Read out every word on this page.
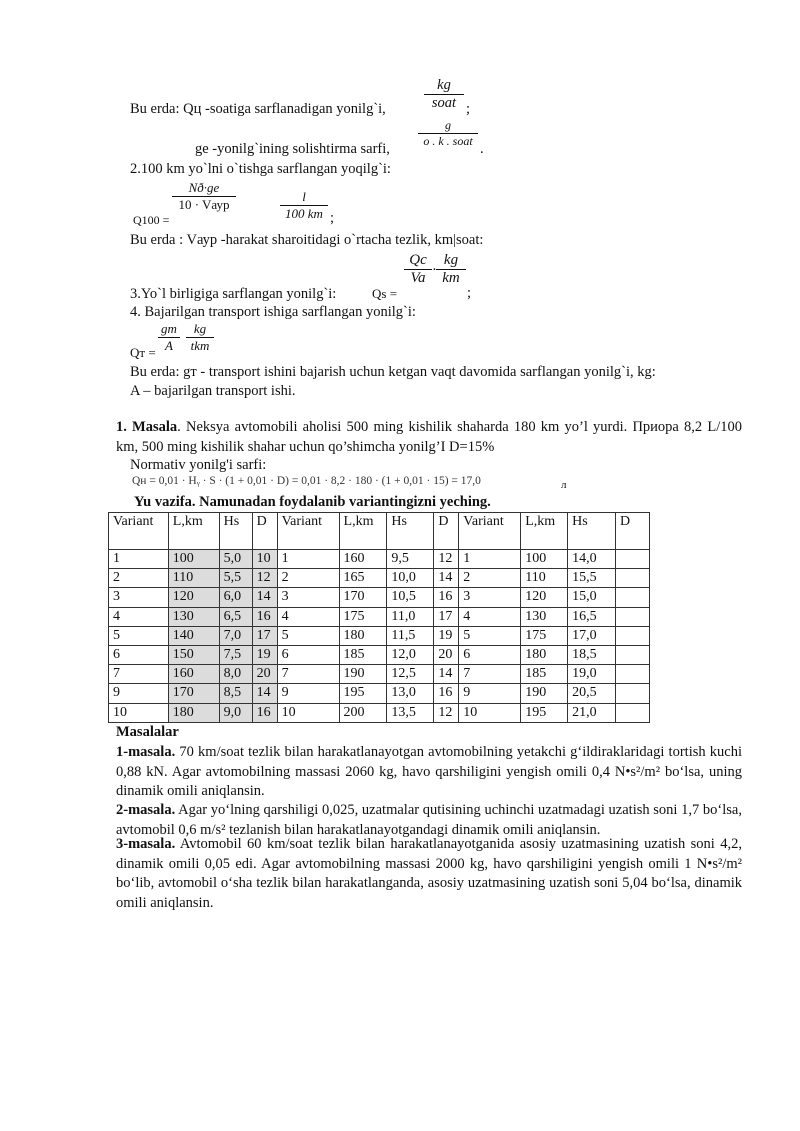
Bu erda: Qц -soatiga sarflanadigan yonilg`i,
kg
soat ;
gе -yonilg`ining solishtirma sarfi,
g
o . k . soat .
2.100 km yo`lni o`tishga sarflangan yoqilg`i:
Q100 =
Nð·gе
10 · Vаур	$\frac{l}{100 km}$ ;
Bu erda : Vаур -harakat sharoitidagi o`rtacha tezlik, km|soat:
3.Yo`l birligiga sarflangan yonilg`i:	Qs =
$\frac{Qc}{Va} \cdot \frac{kg}{km}$
;
4. Bajarilgan transport ishiga sarflangan yonilg`i:
Qт = $\frac{gm}{A}$	kg
tkm
Bu erda: gт - transport ishini bajarish uchun ketgan vaqt davomida sarflangan yonilg`i, kg:
A – bajarilgan transport ishi.
1. Masala. Neksya avtomobili aholisi 500 ming kishilik shaharda 180 km yo’l yurdi. Приора 8,2 L/100 km, 500 ming kishilik shahar uchun qo’shimcha yonilg’I D=15%
Normativ yonilg'i sarfi:
Qн = 0,01 · Hᵧ · S · (1 + 0,01 · D) = 0,01 · 8,2 · 180 · (1 + 0,01 · 15) = 17,0	л
Yu vazifa. Namunadan foydalanib variantingizni yeching.
Variant	L,km	Hs	D	Variant	L,km	Hs	D	Variant	L,km	Hs	D
1	100	5,0	10	1	160	9,5	12	1	100	14,0	
2	110	5,5	12	2	165	10,0	14	2	110	15,5	
3	120	6,0	14	3	170	10,5	16	3	120	15,0	
4	130	6,5	16	4	175	11,0	17	4	130	16,5	
5	140	7,0	17	5	180	11,5	19	5	175	17,0	
6	150	7,5	19	6	185	12,0	20	6	180	18,5	
7	160	8,0	20	7	190	12,5	14	7	185	19,0	
9	170	8,5	14	9	195	13,0	16	9	190	20,5	
10	180	9,0	16	10	200	13,5	12	10	195	21,0	
Masalalar
1-masala. 70 km/soat tezlik bilan harakatlanayotgan avtomobilning yetakchi g‘ildiraklaridagi tortish kuchi 0,88 kN. Agar avtomobilning massasi 2060 kg, havo qarshiligini yengish omili 0,4 N•s²/m² bo‘lsa, uning dinamik omili aniqlansin.
2-masala. Agar yo‘lning qarshiligi 0,025, uzatmalar qutisining uchinchi uzatmadagi uzatish soni 1,7 bo‘lsa, avtomobil 0,6 m/s² tezlanish bilan harakatlanayotgandagi dinamik omili aniqlansin.
3-masala. Avtomobil 60 km/soat tezlik bilan harakatlanayotganida asosiy uzatmasining uzatish soni 4,2, dinamik omili 0,05 edi. Agar avtomobilning massasi 2000 kg, havo qarshiligini yengish omili 1 N•s²/m² bo‘lib, avtomobil o‘sha tezlik bilan harakatlanganda, asosiy uzatmasining uzatish soni 5,04 bo‘lsa, dinamik omili aniqlansin.
